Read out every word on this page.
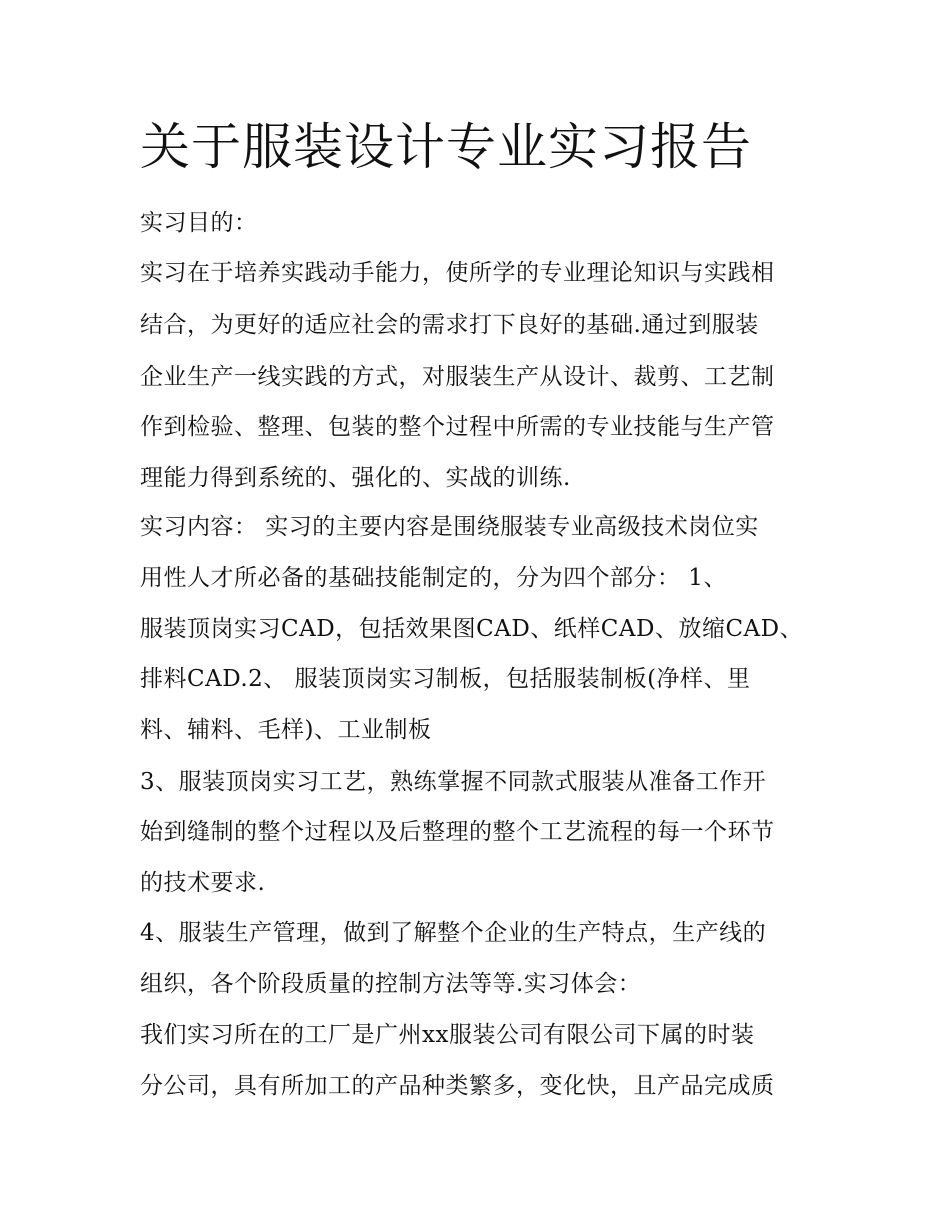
关于服装设计专业实习报告
实习目的：
实习在于培养实践动手能力，使所学的专业理论知识与实践相
结合，为更好的适应社会的需求打下良好的基础.通过到服装
企业生产一线实践的方式，对服装生产从设计、裁剪、工艺制
作到检验、整理、包装的整个过程中所需的专业技能与生产管
理能力得到系统的、强化的、实战的训练.
实习内容： 实习的主要内容是围绕服装专业高级技术岗位实
用性人才所必备的基础技能制定的，分为四个部分： 1、
服装顶岗实习CAD，包括效果图CAD、纸样CAD、放缩CAD、
排料CAD.2、 服装顶岗实习制板，包括服装制板(净样、里
料、辅料、毛样)、工业制板
3、服装顶岗实习工艺，熟练掌握不同款式服装从准备工作开
始到缝制的整个过程以及后整理的整个工艺流程的每一个环节
的技术要求.
4、服装生产管理，做到了解整个企业的生产特点，生产线的
组织，各个阶段质量的控制方法等等.实习体会：
我们实习所在的工厂是广州xx服装公司有限公司下属的时装
分公司，具有所加工的产品种类繁多，变化快，且产品完成质
